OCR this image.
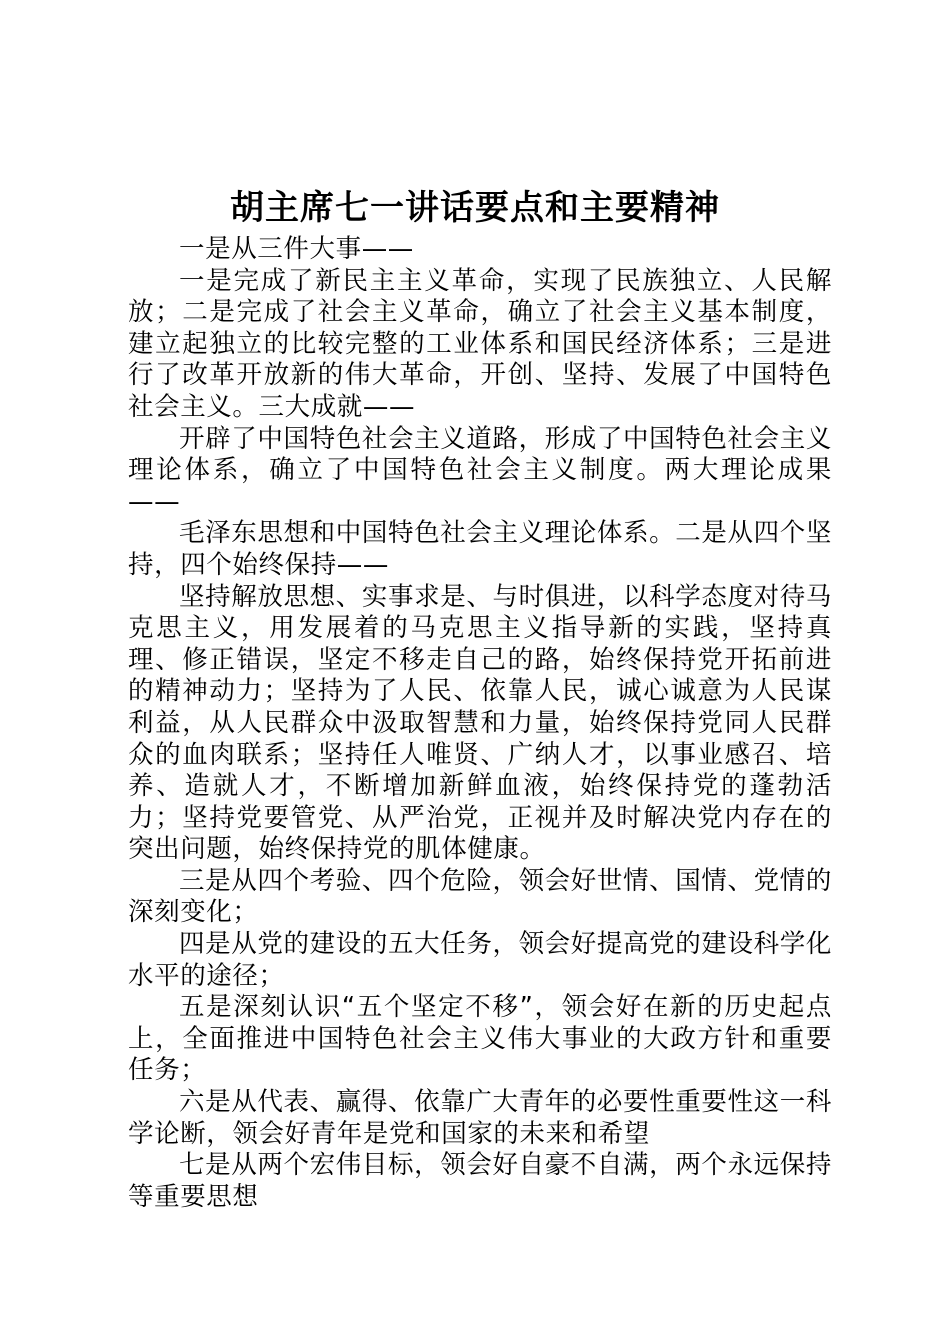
胡主席七一讲话要点和主要精神

一是从三件大事——

一是完成了新民主主义革命，实现了民族独立、人民解放；二是完成了社会主义革命，确立了社会主义基本制度，建立起独立的比较完整的工业体系和国民经济体系；三是进行了改革开放新的伟大革命，开创、坚持、发展了中国特色社会主义。三大成就——

开辟了中国特色社会主义道路，形成了中国特色社会主义理论体系，确立了中国特色社会主义制度。两大理论成果——

毛泽东思想和中国特色社会主义理论体系。二是从四个坚持，四个始终保持——

坚持解放思想、实事求是、与时俱进，以科学态度对待马克思主义，用发展着的马克思主义指导新的实践，坚持真理、修正错误，坚定不移走自己的路，始终保持党开拓前进的精神动力；坚持为了人民、依靠人民，诚心诚意为人民谋利益，从人民群众中汲取智慧和力量，始终保持党同人民群众的血肉联系；坚持任人唯贤、广纳人才，以事业感召、培养、造就人才，不断增加新鲜血液，始终保持党的蓬勃活力；坚持党要管党、从严治党，正视并及时解决党内存在的突出问题，始终保持党的肌体健康。

三是从四个考验、四个危险，领会好世情、国情、党情的深刻变化；

四是从党的建设的五大任务，领会好提高党的建设科学化水平的途径；

五是深刻认识“五个坚定不移”，领会好在新的历史起点上，全面推进中国特色社会主义伟大事业的大政方针和重要任务；

六是从代表、赢得、依靠广大青年的必要性重要性这一科学论断，领会好青年是党和国家的未来和希望

七是从两个宏伟目标，领会好自豪不自满，两个永远保持等重要思想
